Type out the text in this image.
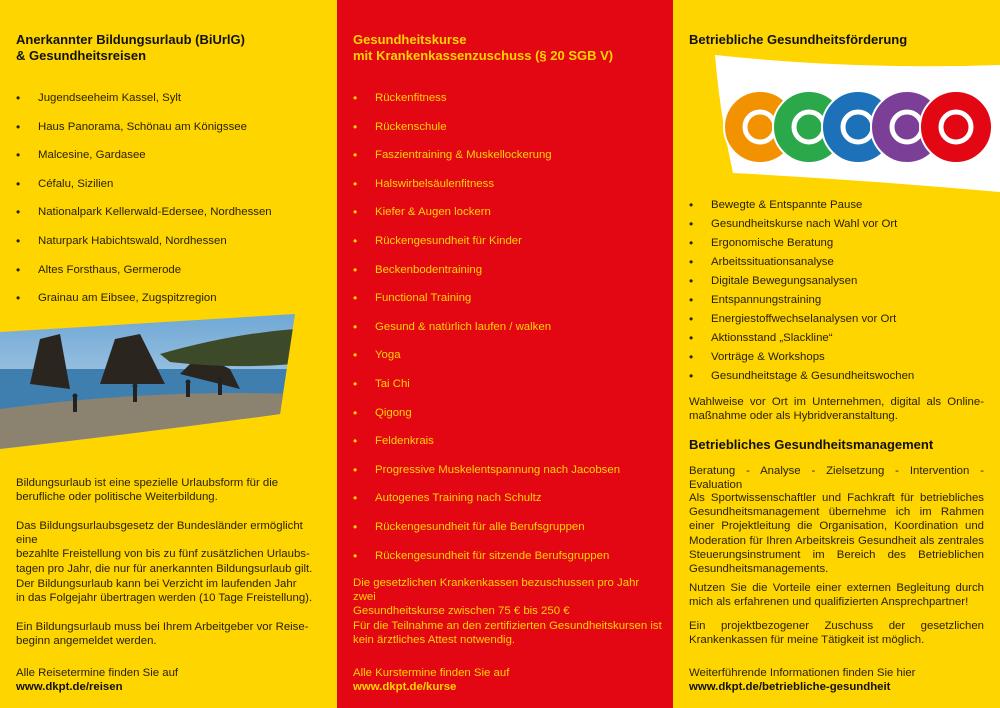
Anerkannter Bildungsurlaub (BiUrlG)
& Gesundheitsreisen
• Jugendseeheim Kassel, Sylt
• Haus Panorama, Schönau am Königssee
• Malcesine, Gardasee
• Céfalu, Sizilien
• Nationalpark Kellerwald-Edersee, Nordhessen
• Naturpark Habichtswald, Nordhessen
• Altes Forsthaus, Germerode
• Grainau am Eibsee, Zugspitzregion

Bildungsurlaub ist eine spezielle Urlaubsform für die
berufliche oder politische Weiterbildung.

Das Bildungsurlaubsgesetz der Bundesländer ermöglicht eine
bezahlte Freistellung von bis zu fünf zusätzlichen Urlaubs-
tagen pro Jahr, die nur für anerkannten Bildungsurlaub gilt.

Der Bildungsurlaub kann bei Verzicht im laufenden Jahr
in das Folgejahr übertragen werden (10 Tage Freistellung).

Ein Bildungsurlaub muss bei Ihrem Arbeitgeber vor Reise-
beginn angemeldet werden.

Alle Reisetermine finden Sie auf
www.dkpt.de/reisen

Gesundheitskurse
mit Krankenkassenzuschuss (§ 20 SGB V)
• Rückenfitness
• Rückenschule
• Faszientraining & Muskellockerung
• Halswirbelsäulenfitness
• Kiefer & Augen lockern
• Rückengesundheit für Kinder
• Beckenbodentraining
• Functional Training
• Gesund & natürlich laufen / walken
• Yoga
• Tai Chi
• Qigong
• Feldenkrais
• Progressive Muskelentspannung nach Jacobsen
• Autogenes Training nach Schultz
• Rückengesundheit für alle Berufsgruppen
• Rückengesundheit für sitzende Berufsgruppen

Die gesetzlichen Krankenkassen bezuschussen pro Jahr zwei
Gesundheitskurse zwischen 75 € bis 250 €

Für die Teilnahme an den zertifizierten Gesundheitskursen ist
kein ärztliches Attest notwendig.

Alle Kurstermine finden Sie auf
www.dkpt.de/kurse

Betriebliche Gesundheitsförderung
• Bewegte & Entspannte Pause
• Gesundheitskurse nach Wahl vor Ort
• Ergonomische Beratung
• Arbeitssituationsanalyse
• Digitale Bewegungsanalysen
• Entspannungstraining
• Energiestoffwechselanalysen vor Ort
• Aktionsstand „Slackline“
• Vorträge & Workshops
• Gesundheitstage & Gesundheitswochen

Wahlweise vor Ort im Unternehmen, digital als Online-maßnahme oder als Hybridveranstaltung.

Betriebliches Gesundheitsmanagement

Beratung - Analyse - Zielsetzung - Intervention - Evaluation

Als Sportwissenschaftler und Fachkraft für betriebliches Gesundheitsmanagement übernehme ich im Rahmen einer Projektleitung die Organisation, Koordination und Moderation für Ihren Arbeitskreis Gesundheit als zentrales Steuerungsinstrument im Bereich des Betrieblichen Gesundheitsmanagements.

Nutzen Sie die Vorteile einer externen Begleitung durch mich als erfahrenen und qualifizierten Ansprechpartner!

Ein projektbezogener Zuschuss der gesetzlichen Krankenkassen für meine Tätigkeit ist möglich.

Weiterführende Informationen finden Sie hier
www.dkpt.de/betriebliche-gesundheit
